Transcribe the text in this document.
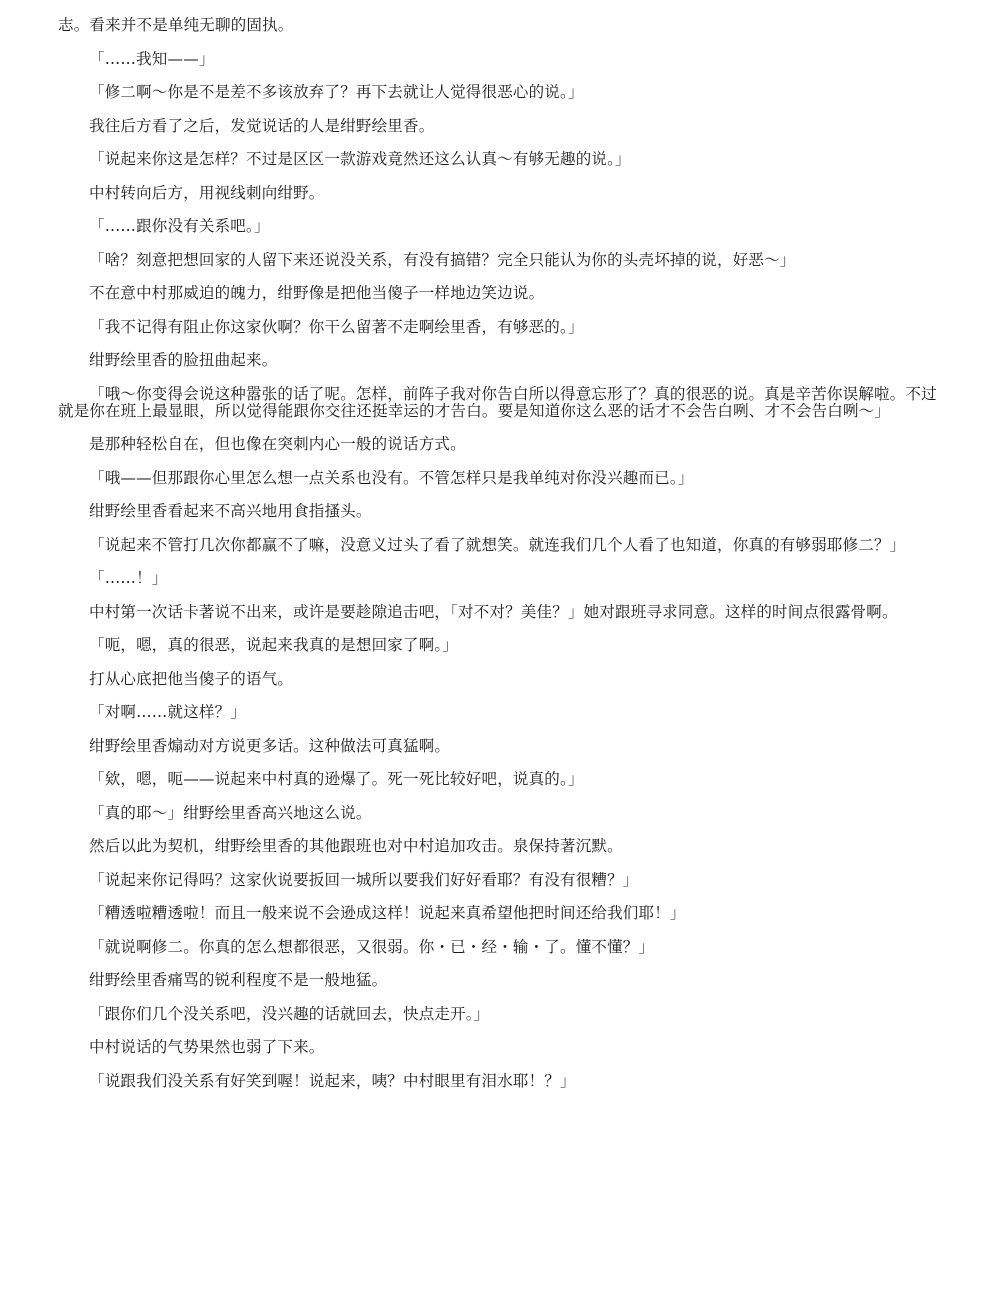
志。看来并不是单纯无聊的固执。

「……我知——」

「修二啊～你是不是差不多该放弃了？再下去就让人觉得很恶心的说。」

我往后方看了之后，发觉说话的人是绀野绘里香。

「说起来你这是怎样？不过是区区一款游戏竟然还这么认真～有够无趣的说。」

中村转向后方，用视线刺向绀野。

「……跟你没有关系吧。」

「啥？刻意把想回家的人留下来还说没关系，有没有搞错？完全只能认为你的头壳坏掉的说，好恶～」

不在意中村那威迫的魄力，绀野像是把他当傻子一样地边笑边说。

「我不记得有阻止你这家伙啊？你干么留著不走啊绘里香，有够恶的。」

绀野绘里香的脸扭曲起来。

「哦～你变得会说这种嚣张的话了呢。怎样，前阵子我对你告白所以得意忘形了？真的很恶的说。真是辛苦你误解啦。不过就是你在班上最显眼，所以觉得能跟你交往还挺幸运的才告白。要是知道你这么恶的话才不会告白咧、才不会告白咧～」

是那种轻松自在，但也像在突刺内心一般的说话方式。

「哦——但那跟你心里怎么想一点关系也没有。不管怎样只是我单纯对你没兴趣而已。」

绀野绘里香看起来不高兴地用食指搔头。

「说起来不管打几次你都赢不了嘛，没意义过头了看了就想笑。就连我们几个人看了也知道，你真的有够弱耶修二？」

「……！」

中村第一次话卡著说不出来，或许是要趁隙追击吧，「对不对？美佳？」她对跟班寻求同意。这样的时间点很露骨啊。

「呃，嗯，真的很恶，说起来我真的是想回家了啊。」

打从心底把他当傻子的语气。

「对啊……就这样？」

绀野绘里香煽动对方说更多话。这种做法可真猛啊。

「欸，嗯，呃——说起来中村真的逊爆了。死一死比较好吧，说真的。」

「真的耶～」绀野绘里香高兴地这么说。

然后以此为契机，绀野绘里香的其他跟班也对中村追加攻击。泉保持著沉默。

「说起来你记得吗？这家伙说要扳回一城所以要我们好好看耶？有没有很糟？」

「糟透啦糟透啦！而且一般来说不会逊成这样！说起来真希望他把时间还给我们耶！」

「就说啊修二。你真的怎么想都很恶，又很弱。你・已・经・输・了。懂不懂？」

绀野绘里香痛骂的锐利程度不是一般地猛。

「跟你们几个没关系吧，没兴趣的话就回去，快点走开。」

中村说话的气势果然也弱了下来。

「说跟我们没关系有好笑到喔！说起来，咦？中村眼里有泪水耶！？」
